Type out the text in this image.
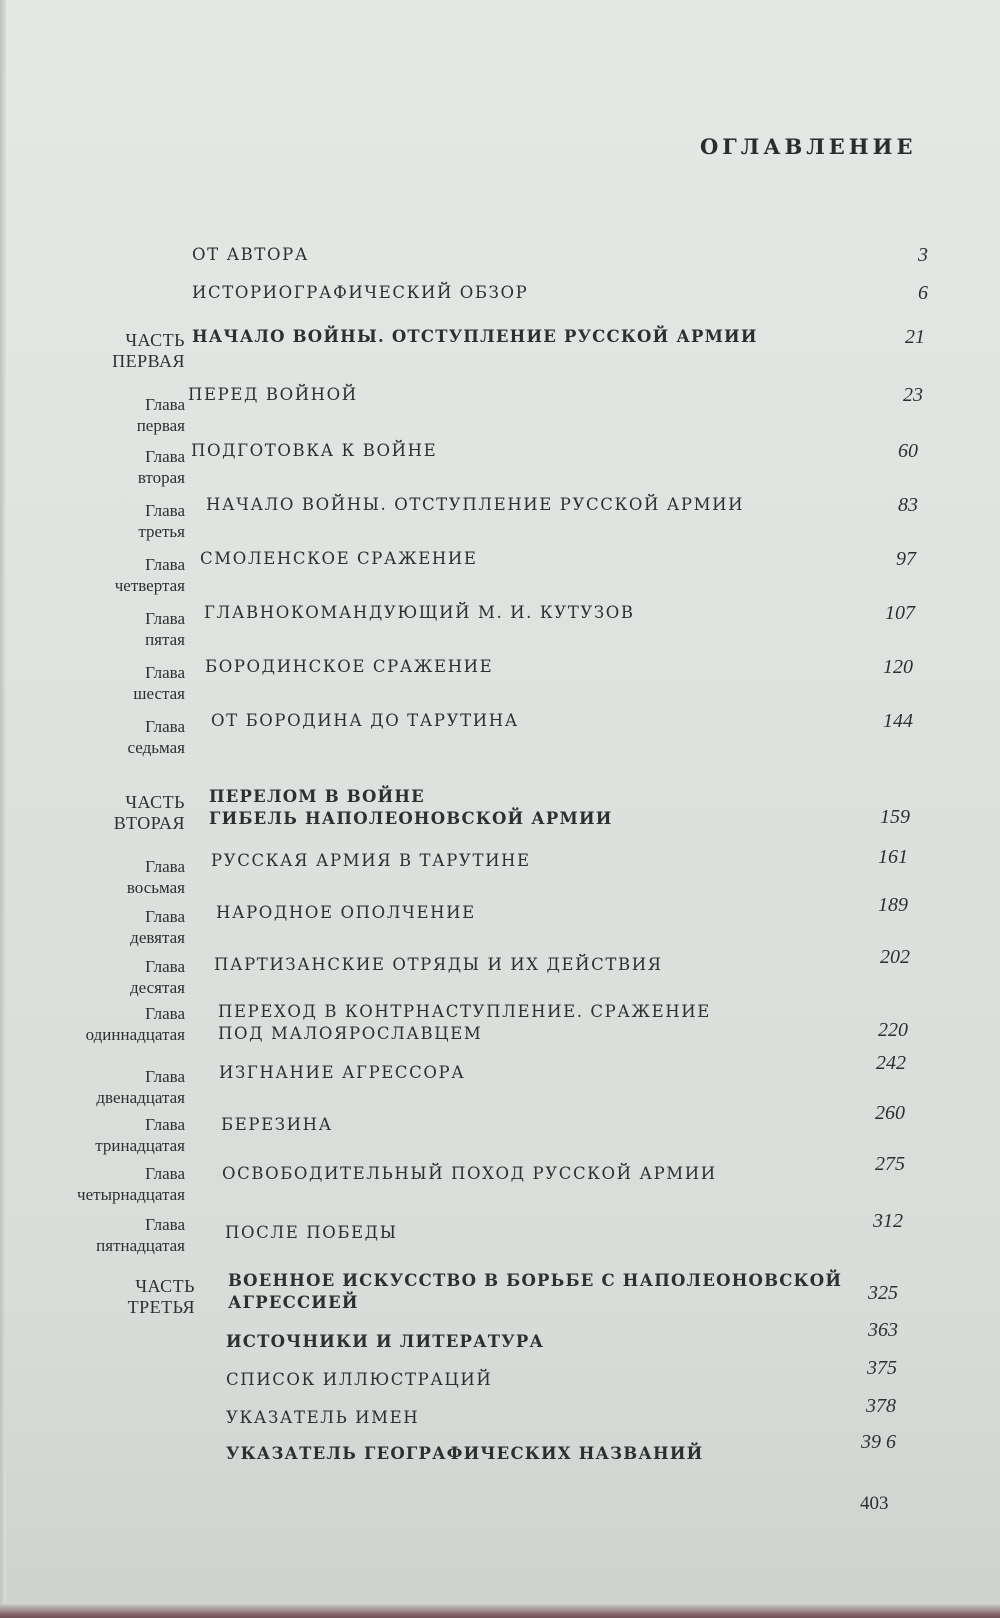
ОГЛАВЛЕНИЕ
ОТ АВТОРА	3
ИСТОРИОГРАФИЧЕСКИЙ ОБЗОР	6
ЧАСТЬ
ПЕРВАЯ
НАЧАЛО ВОЙНЫ. ОТСТУПЛЕНИЕ РУССКОЙ АРМИИ	21
Глава
первая
ПЕРЕД ВОЙНОЙ	23
Глава
вторая
ПОДГОТОВКА К ВОЙНЕ	60
Глава
третья
НАЧАЛО ВОЙНЫ. ОТСТУПЛЕНИЕ РУССКОЙ АРМИИ	83
Глава
четвертая
СМОЛЕНСКОЕ СРАЖЕНИЕ	97
Глава
пятая
ГЛАВНОКОМАНДУЮЩИЙ М. И. КУТУЗОВ	107
Глава
шестая
БОРОДИНСКОЕ СРАЖЕНИЕ	120
Глава
седьмая
ОТ БОРОДИНА ДО ТАРУТИНА	144
ЧАСТЬ
ВТОРАЯ
ПЕРЕЛОМ В ВОЙНЕ
ГИБЕЛЬ НАПОЛЕОНОВСКОЙ АРМИИ	159
Глава
восьмая
РУССКАЯ АРМИЯ В ТАРУТИНЕ	161
Глава
девятая
НАРОДНОЕ ОПОЛЧЕНИЕ	189
Глава
десятая
ПАРТИЗАНСКИЕ ОТРЯДЫ И ИХ ДЕЙСТВИЯ	202
Глава
одиннадцатая
ПЕРЕХОД В КОНТРНАСТУПЛЕНИЕ. СРАЖЕНИЕ
ПОД МАЛОЯРОСЛАВЦЕМ	220
Глава
двенадцатая
ИЗГНАНИЕ АГРЕССОРА	242
Глава
тринадцатая
БЕРЕЗИНА
260
Глава
четырнадцатая
ОСВОБОДИТЕЛЬНЫЙ ПОХОД РУССКОЙ АРМИИ	275
Глава
пятнадцатая
ПОСЛЕ ПОБЕДЫ
312
ЧАСТЬ
ТРЕТЬЯ
ВОЕННОЕ ИСКУССТВО В БОРЬБЕ С НАПОЛЕОНОВСКОЙ
АГРЕССИЕЙ	325
ИСТОЧНИКИ И ЛИТЕРАТУРА
363
СПИСОК ИЛЛЮСТРАЦИЙ
375
УКАЗАТЕЛЬ ИМЕН
378
УКАЗАТЕЛЬ ГЕОГРАФИЧЕСКИХ НАЗВАНИЙ
39 6
403
